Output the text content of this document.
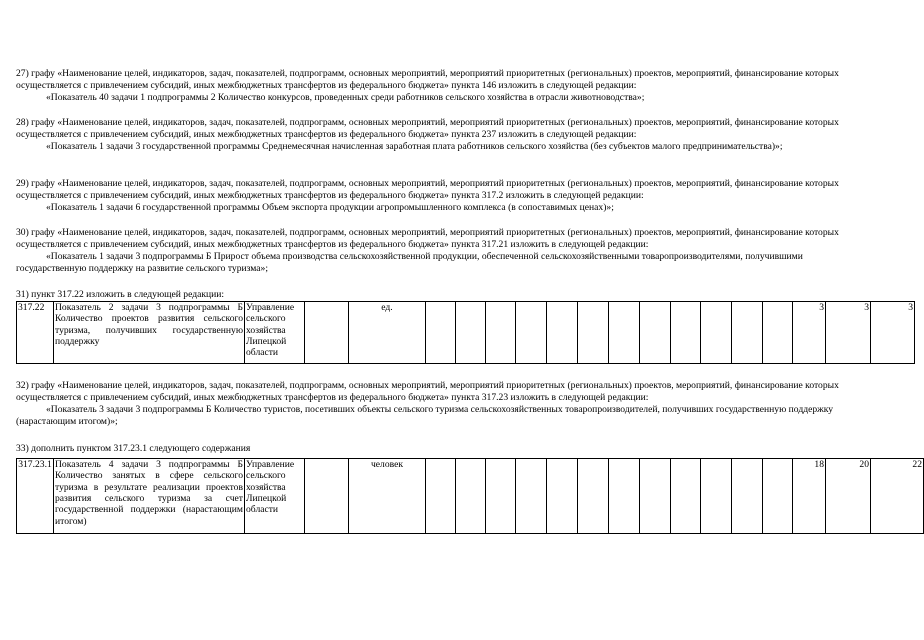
27) графу «Наименование целей, индикаторов, задач, показателей, подпрограмм, основных мероприятий, мероприятий приоритетных (региональных) проектов, мероприятий, финансирование которых осуществляется с привлечением субсидий, иных межбюджетных трансфертов из федерального бюджета» пункта 146 изложить в следующей редакции:

«Показатель 40 задачи 1 подпрограммы 2 Количество конкурсов, проведенных среди работников сельского хозяйства в отрасли животноводства»;

28) графу «Наименование целей, индикаторов, задач, показателей, подпрограмм, основных мероприятий, мероприятий приоритетных (региональных) проектов, мероприятий, финансирование которых осуществляется с привлечением субсидий, иных межбюджетных трансфертов из федерального бюджета» пункта 237 изложить в следующей редакции:

«Показатель 1 задачи 3 государственной программы Среднемесячная начисленная заработная плата работников сельского хозяйства (без субъектов малого предпринимательства)»;

29) графу «Наименование целей, индикаторов, задач, показателей, подпрограмм, основных мероприятий, мероприятий приоритетных (региональных) проектов, мероприятий, финансирование которых осуществляется с привлечением субсидий, иных межбюджетных трансфертов из федерального бюджета» пункта 317.2 изложить в следующей редакции:

«Показатель 1 задачи 6 государственной программы Объем экспорта продукции агропромышленного комплекса (в сопоставимых ценах)»;

30) графу «Наименование целей, индикаторов, задач, показателей, подпрограмм, основных мероприятий, мероприятий приоритетных (региональных) проектов, мероприятий, финансирование которых осуществляется с привлечением субсидий, иных межбюджетных трансфертов из федерального бюджета» пункта 317.21 изложить в следующей редакции:

«Показатель 1 задачи 3 подпрограммы Б Прирост объема производства сельскохозяйственной продукции, обеспеченной сельскохозяйственными товаропроизводителями, получившими государственную поддержку на развитие сельского туризма»;

31) пункт 317.22 изложить в следующей редакции:

317.22	Показатель 2 задачи 3 подпрограммы Б Количество проектов развития сельского туризма, получивших государственную поддержку	Управление сельского хозяйства Липецкой области		ед.													3	3	3

32) графу «Наименование целей, индикаторов, задач, показателей, подпрограмм, основных мероприятий, мероприятий приоритетных (региональных) проектов, мероприятий, финансирование которых осуществляется с привлечением субсидий, иных межбюджетных трансфертов из федерального бюджета» пункта 317.23 изложить в следующей редакции:

«Показатель 3 задачи 3 подпрограммы Б Количество туристов, посетивших объекты сельского туризма сельскохозяйственных товаропроизводителей, получивших государственную поддержку (нарастающим итогом)»;

33) дополнить пунктом 317.23.1 следующего содержания

317.23.1	Показатель 4 задачи 3 подпрограммы Б Количество занятых в сфере сельского туризма в результате реализации проектов развития сельского туризма за счет государственной поддержки (нарастающим итогом)	Управление сельского хозяйства Липецкой области		человек													18	20	22
